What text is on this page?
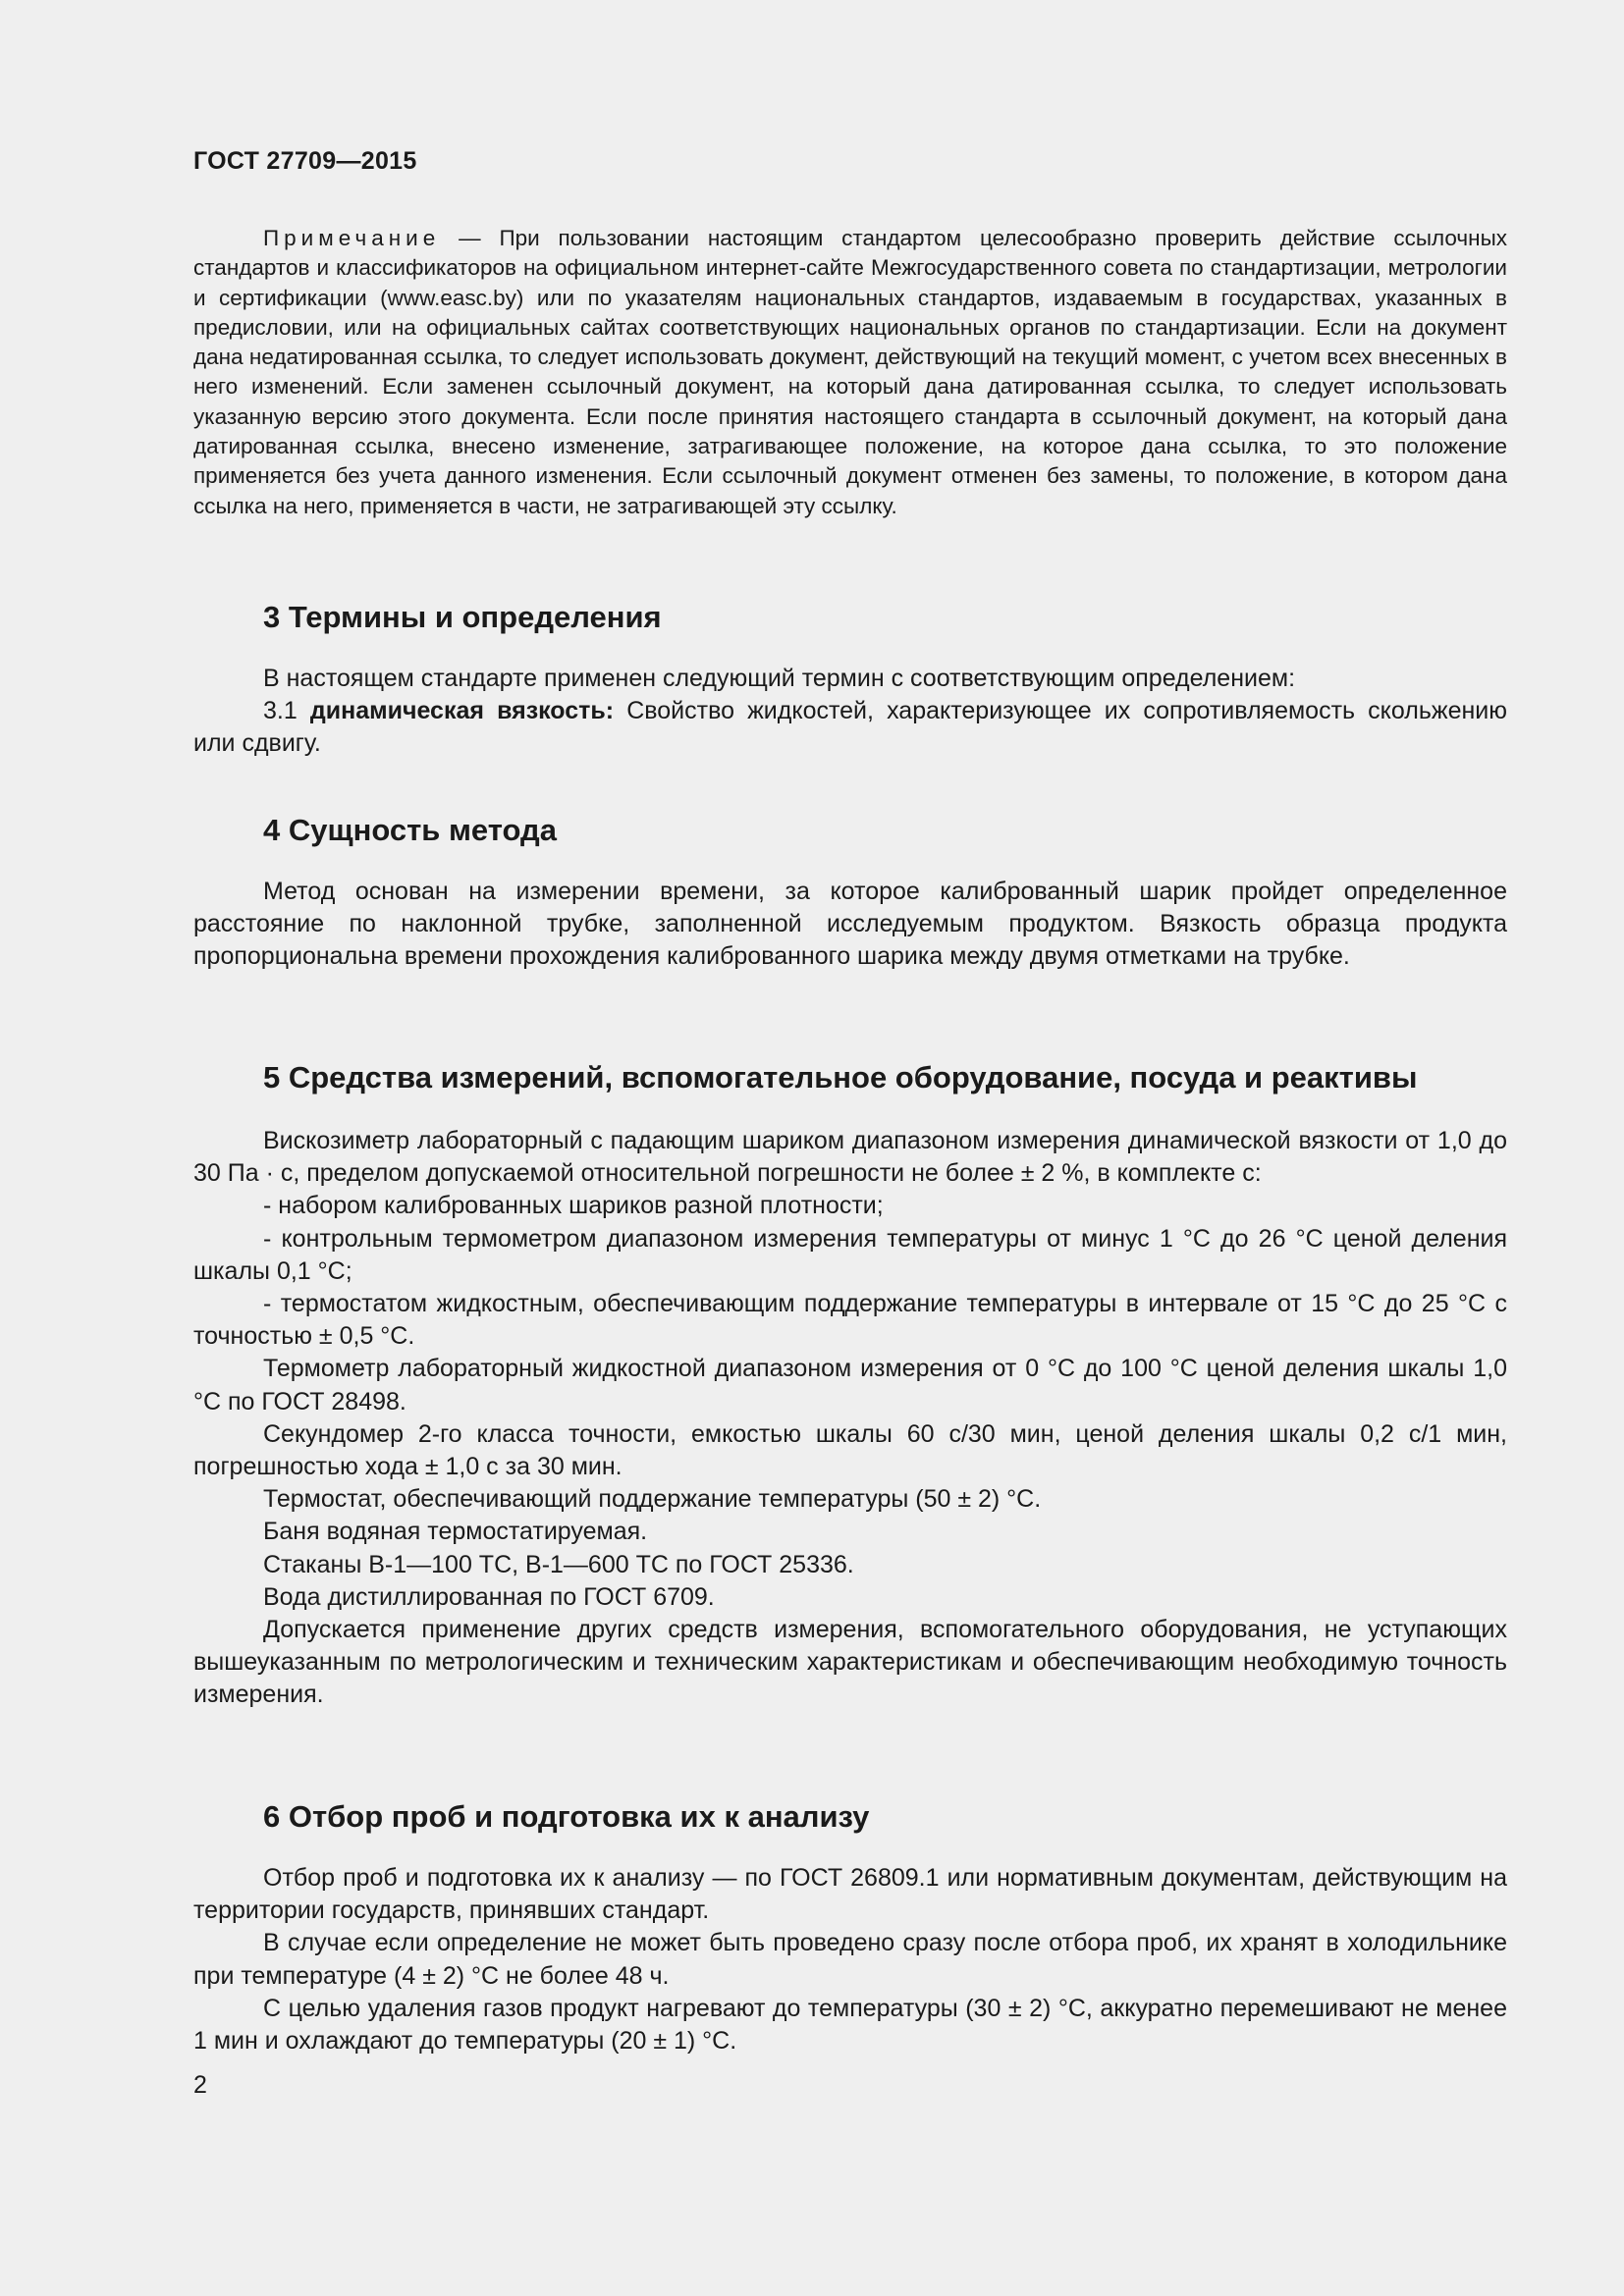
ГОСТ 27709—2015

Примечание — При пользовании настоящим стандартом целесообразно проверить действие ссылочных стандартов и классификаторов на официальном интернет-сайте Межгосударственного совета по стандартизации, метрологии и сертификации (www.easc.by) или по указателям национальных стандартов, издаваемым в государствах, указанных в предисловии, или на официальных сайтах соответствующих национальных органов по стандартизации. Если на документ дана недатированная ссылка, то следует использовать документ, действующий на текущий момент, с учетом всех внесенных в него изменений. Если заменен ссылочный документ, на который дана датированная ссылка, то следует использовать указанную версию этого документа. Если после принятия настоящего стандарта в ссылочный документ, на который дана датированная ссылка, внесено изменение, затрагивающее положение, на которое дана ссылка, то это положение применяется без учета данного изменения. Если ссылочный документ отменен без замены, то положение, в котором дана ссылка на него, применяется в части, не затрагивающей эту ссылку.

3 Термины и определения

В настоящем стандарте применен следующий термин с соответствующим определением:

3.1 динамическая вязкость: Свойство жидкостей, характеризующее их сопротивляемость скольжению или сдвигу.

4 Сущность метода

Метод основан на измерении времени, за которое калиброванный шарик пройдет определенное расстояние по наклонной трубке, заполненной исследуемым продуктом. Вязкость образца продукта пропорциональна времени прохождения калиброванного шарика между двумя отметками на трубке.

5 Средства измерений, вспомогательное оборудование, посуда и реактивы

Вискозиметр лабораторный с падающим шариком диапазоном измерения динамической вязкости от 1,0 до 30 Па · с, пределом допускаемой относительной погрешности не более ± 2 %, в комплекте с:

- набором калиброванных шариков разной плотности;

- контрольным термометром диапазоном измерения температуры от минус 1 °С до 26 °С ценой деления шкалы 0,1 °С;

- термостатом жидкостным, обеспечивающим поддержание температуры в интервале от 15 °С до 25 °С с точностью ± 0,5 °С.

Термометр лабораторный жидкостной диапазоном измерения от 0 °С до 100 °С ценой деления шкалы 1,0 °С по ГОСТ 28498.

Секундомер 2-го класса точности, емкостью шкалы 60 с/30 мин, ценой деления шкалы 0,2 с/1 мин, погрешностью хода ± 1,0 с за 30 мин.

Термостат, обеспечивающий поддержание температуры (50 ± 2) °С.

Баня водяная термостатируемая.

Стаканы В-1—100 ТС, В-1—600 ТС по ГОСТ 25336.

Вода дистиллированная по ГОСТ 6709.

Допускается применение других средств измерения, вспомогательного оборудования, не уступающих вышеуказанным по метрологическим и техническим характеристикам и обеспечивающим необходимую точность измерения.

6 Отбор проб и подготовка их к анализу

Отбор проб и подготовка их к анализу — по ГОСТ 26809.1 или нормативным документам, действующим на территории государств, принявших стандарт.

В случае если определение не может быть проведено сразу после отбора проб, их хранят в холодильнике при температуре (4 ± 2) °С не более 48 ч.

С целью удаления газов продукт нагревают до температуры (30 ± 2) °С, аккуратно перемешивают не менее 1 мин и охлаждают до температуры (20 ± 1) °С.

2
